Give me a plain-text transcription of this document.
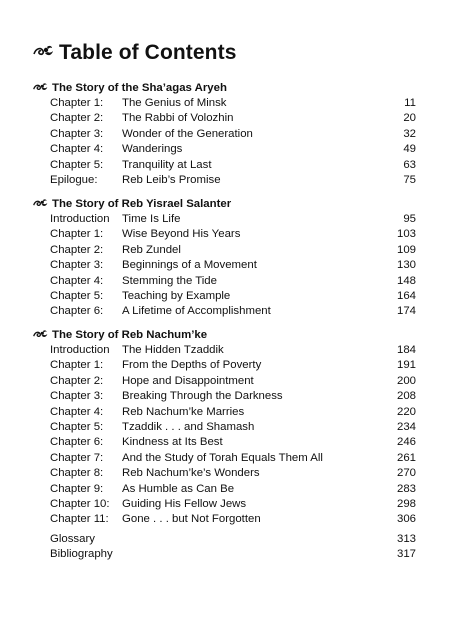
Table of Contents
The Story of the Sha’agas Aryeh
Chapter 1:	The Genius of Minsk	11
Chapter 2:	The Rabbi of Volozhin	20
Chapter 3:	Wonder of the Generation	32
Chapter 4:	Wanderings	49
Chapter 5:	Tranquility at Last	63
Epilogue:	Reb Leib’s Promise	75
The Story of Reb Yisrael Salanter
Introduction	Time Is Life	95
Chapter 1:	Wise Beyond His Years	103
Chapter 2:	Reb Zundel	109
Chapter 3:	Beginnings of a Movement	130
Chapter 4:	Stemming the Tide	148
Chapter 5:	Teaching by Example	164
Chapter 6:	A Lifetime of Accomplishment	174
The Story of Reb Nachum’ke
Introduction	The Hidden Tzaddik	184
Chapter 1:	From the Depths of Poverty	191
Chapter 2:	Hope and Disappointment	200
Chapter 3:	Breaking Through the Darkness	208
Chapter 4:	Reb Nachum’ke Marries	220
Chapter 5:	Tzaddik . . . and Shamash	234
Chapter 6:	Kindness at Its Best	246
Chapter 7:	And the Study of Torah Equals Them All	261
Chapter 8:	Reb Nachum’ke’s Wonders	270
Chapter 9:	As Humble as Can Be	283
Chapter 10:	Guiding His Fellow Jews	298
Chapter 11:	Gone . . . but Not Forgotten	306
Glossary	313
Bibliography	317
